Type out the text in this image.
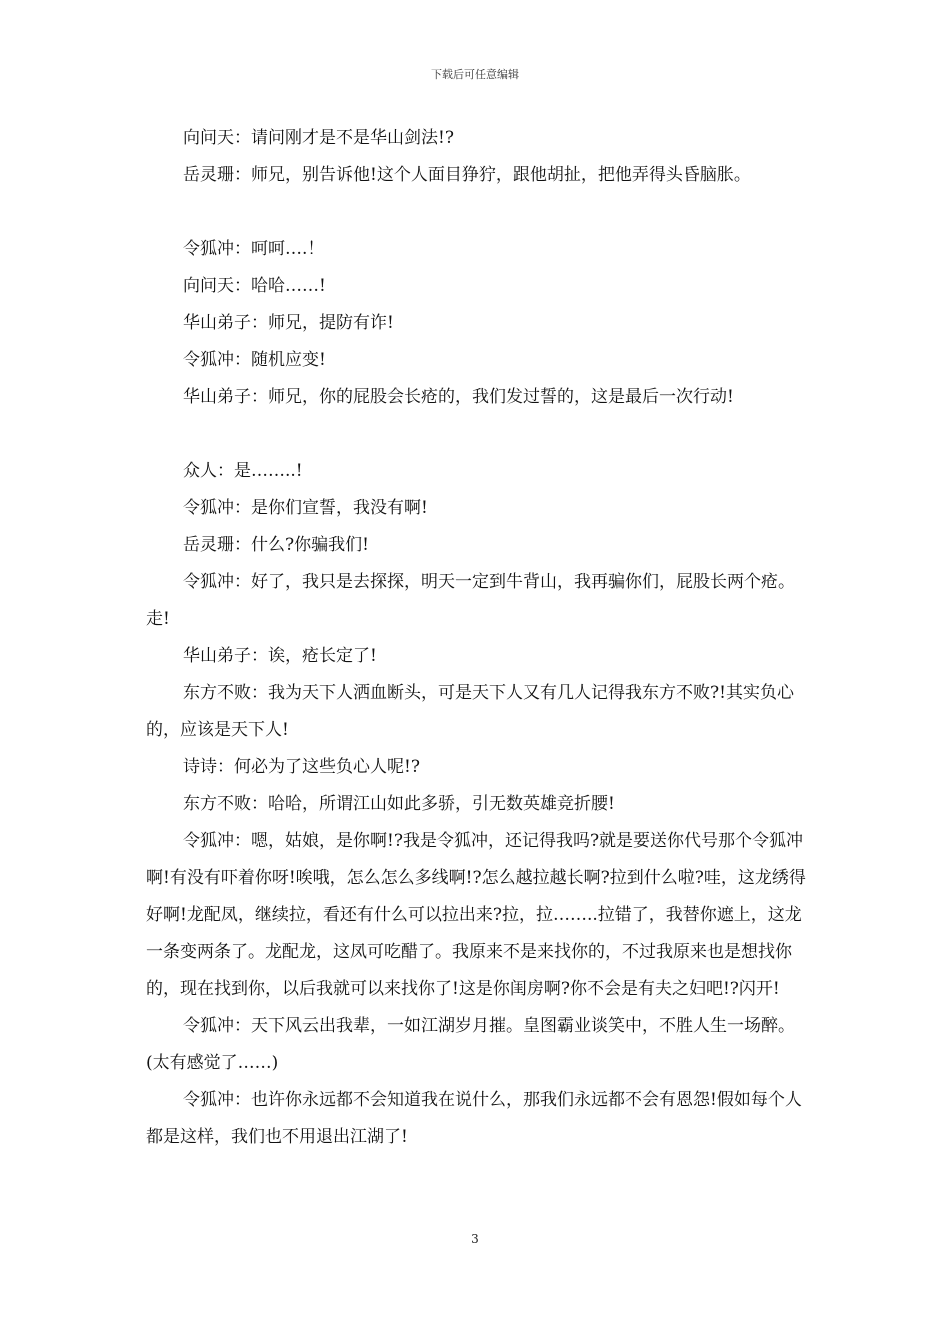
下载后可任意编辑

向问天：请问刚才是不是华山剑法!?

岳灵珊：师兄，别告诉他!这个人面目狰狞，跟他胡扯，把他弄得头昏脑胀。

令狐冲：呵呵….！

向问天：哈哈……!

华山弟子：师兄，提防有诈!

令狐冲：随机应变!

华山弟子：师兄，你的屁股会长疮的，我们发过誓的，这是最后一次行动!

众人：是……..!

令狐冲：是你们宣誓，我没有啊!

岳灵珊：什么?你骗我们!

令狐冲：好了，我只是去探探，明天一定到牛背山，我再骗你们，屁股长两个疮。走!

华山弟子：诶，疮长定了!

东方不败：我为天下人洒血断头，可是天下人又有几人记得我东方不败?!其实负心的，应该是天下人!

诗诗：何必为了这些负心人呢!?

东方不败：哈哈，所谓江山如此多骄，引无数英雄竞折腰!

令狐冲：嗯，姑娘，是你啊!?我是令狐冲，还记得我吗?就是要送你代号那个令狐冲啊!有没有吓着你呀!唉哦，怎么怎么多线啊!?怎么越拉越长啊?拉到什么啦?哇，这龙绣得好啊!龙配凤，继续拉，看还有什么可以拉出来?拉，拉……..拉错了，我替你遮上，这龙一条变两条了。龙配龙，这凤可吃醋了。我原来不是来找你的，不过我原来也是想找你的，现在找到你，以后我就可以来找你了!这是你闺房啊?你不会是有夫之妇吧!?闪开!

令狐冲：天下风云出我辈，一如江湖岁月摧。皇图霸业谈笑中，不胜人生一场醉。(太有感觉了……)

令狐冲：也许你永远都不会知道我在说什么，那我们永远都不会有恩怨!假如每个人都是这样，我们也不用退出江湖了!

3
